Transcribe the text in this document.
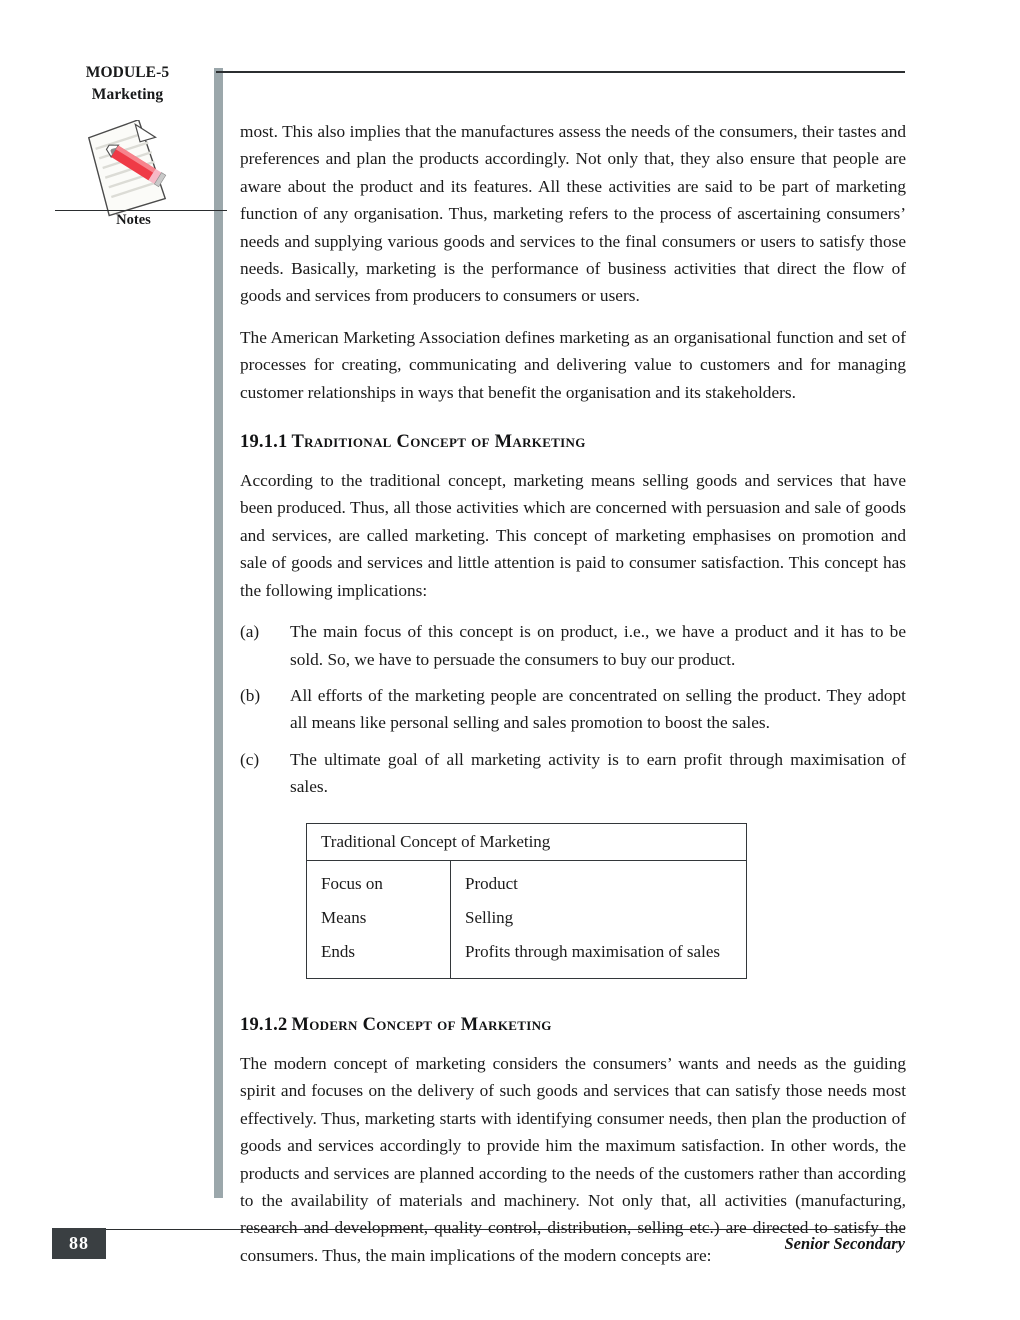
MODULE-5
Marketing
Notes

most. This also implies that the manufactures assess the needs of the consumers, their tastes and preferences and plan the products accordingly. Not only that, they also ensure that people are aware about the product and its features. All these activities are said to be part of marketing function of any organisation. Thus, marketing refers to the process of ascertaining consumers’ needs and supplying various goods and services to the final consumers or users to satisfy those needs. Basically, marketing is the performance of business activities that direct the flow of goods and services from producers to consumers or users.

The American Marketing Association defines marketing as an organisational function and set of processes for creating, communicating and delivering value to customers and for managing customer relationships in ways that benefit the organisation and its stakeholders.

19.1.1 Traditional Concept of Marketing

According to the traditional concept, marketing means selling goods and services that have been produced. Thus, all those activities which are concerned with persuasion and sale of goods and services, are called marketing. This concept of marketing emphasises on promotion and sale of goods and services and little attention is paid to consumer satisfaction. This concept has the following implications:

(a)	The main focus of this concept is on product, i.e., we have a product and it has to be sold. So, we have to persuade the consumers to buy our product.
(b)	All efforts of the marketing people are concentrated on selling the product. They adopt all means like personal selling and sales promotion to boost the sales.
(c)	The ultimate goal of all marketing activity is to earn profit through maximisation of sales.
Traditional Concept of Marketing	
Focus on	Product
Means	Selling
Ends	Profits through maximisation of sales
19.1.2 Modern Concept of Marketing

The modern concept of marketing considers the consumers’ wants and needs as the guiding spirit and focuses on the delivery of such goods and services that can satisfy those needs most effectively. Thus, marketing starts with identifying consumer needs, then plan the production of goods and services accordingly to provide him the maximum satisfaction. In other words, the products and services are planned according to the needs of the customers rather than according to the availability of materials and machinery. Not only that, all activities (manufacturing, research and development, quality control, distribution, selling etc.) are directed to satisfy the consumers. Thus, the main implications of the modern concepts are:

88	Senior Secondary
